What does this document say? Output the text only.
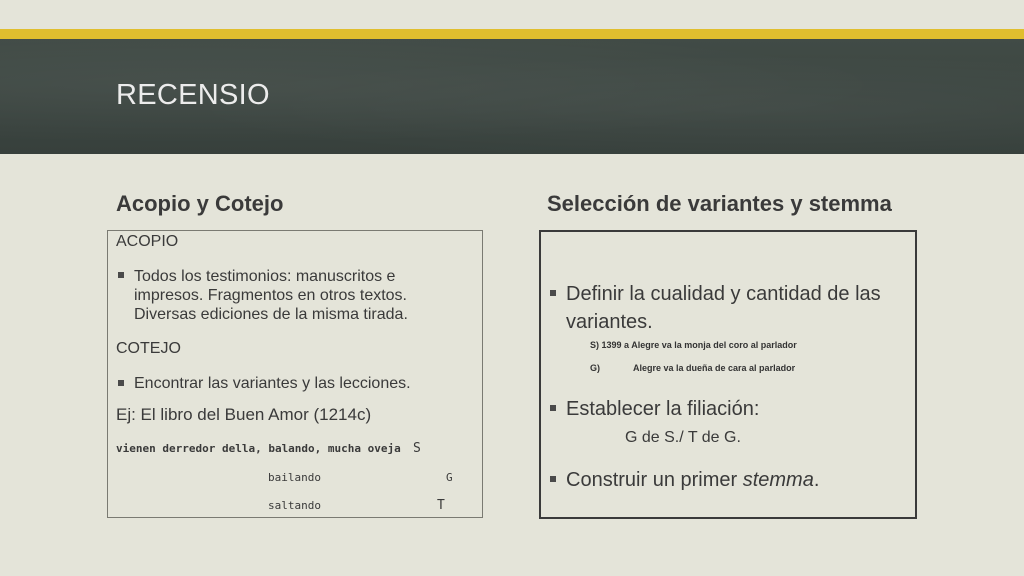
RECENSIO
Acopio y Cotejo	Selección de variantes y stemma
ACOPIO
Todos los testimonios: manuscritos e
impresos. Fragmentos en otros textos.
Diversas ediciones de la misma tirada.
COTEJO
Encontrar las variantes y las lecciones.
Ej: El libro del Buen Amor (1214c)
vienen derredor della, balando, mucha oveja S
bailando	G
saltando	T
Definir la cualidad y cantidad de las
variantes.
S) 1399 a Alegre va la monja del coro al parlador
G)	Alegre va la dueña de cara al parlador
Establecer la filiación:
G de S./ T de G.
Construir un primer stemma.
